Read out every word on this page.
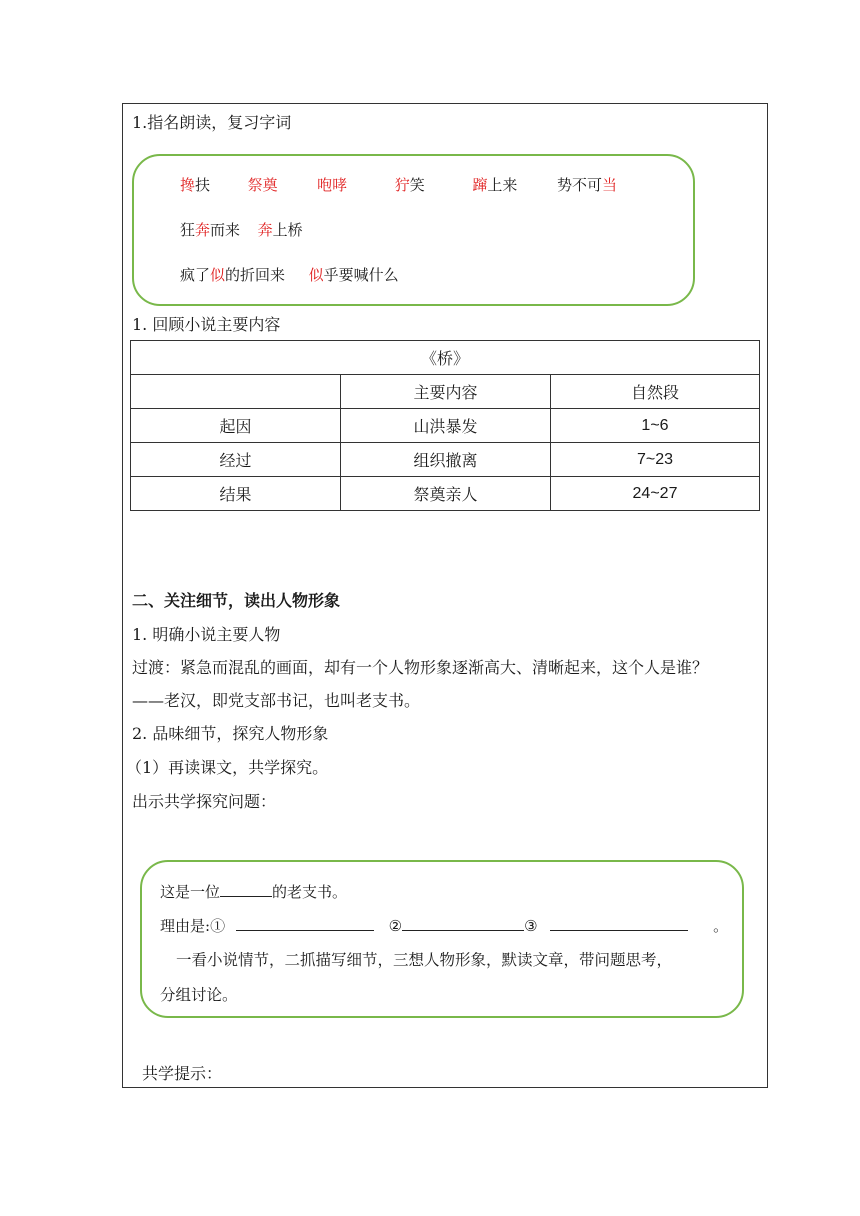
1.指名朗读，复习字词
搀扶	祭奠	咆哮	狞笑	蹿上来	势不可当
狂奔而来 奔上桥
疯了似的折回来 似乎要喊什么
1. 回顾小说主要内容
《桥》		
	主要内容	自然段
起因	山洪暴发	1~6
经过	组织撤离	7~23
结果	祭奠亲人	24~27
二、关注细节，读出人物形象
1. 明确小说主要人物
过渡：紧急而混乱的画面，却有一个人物形象逐渐高大、清晰起来，这个人是谁？
——老汉，即党支部书记，也叫老支书。
2. 品味细节，探究人物形象
（1）再读课文，共学探究。
出示共学探究问题：
这是一位	的老支书。
理由是:①	②	③	。
一看小说情节，二抓描写细节，三想人物形象，默读文章，带问题思考，
分组讨论。
共学提示：
